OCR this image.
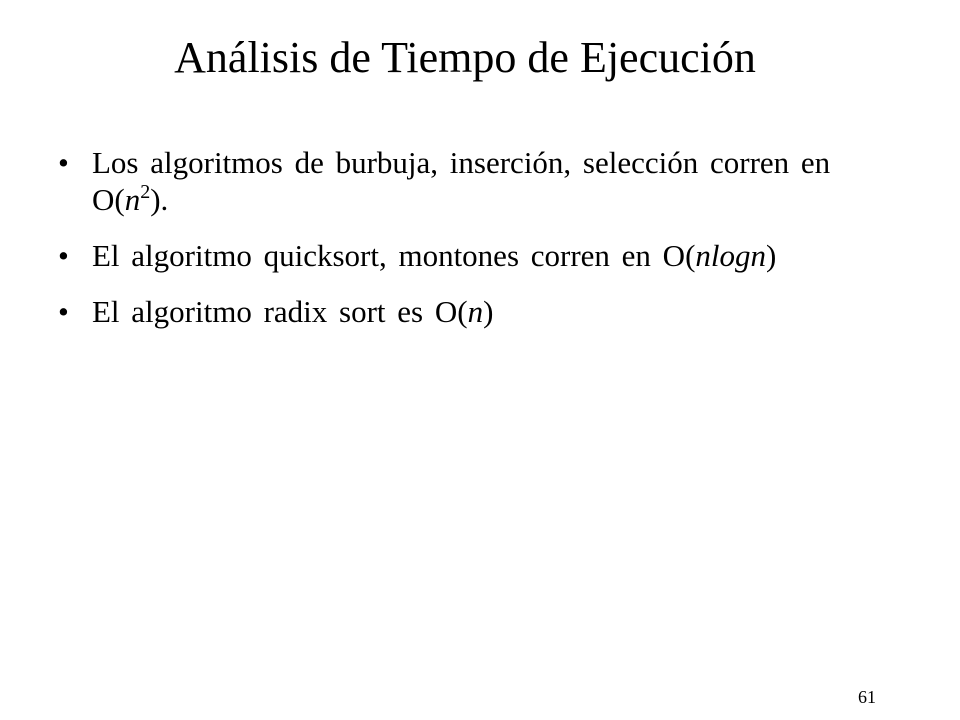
Análisis de Tiempo de Ejecución
• Los algoritmos de burbuja, inserción, selección corren en $O(n^2)$.
• El algoritmo quicksort, montones corren en O(nlogn)
• El algoritmo radix sort es O(n)
61
